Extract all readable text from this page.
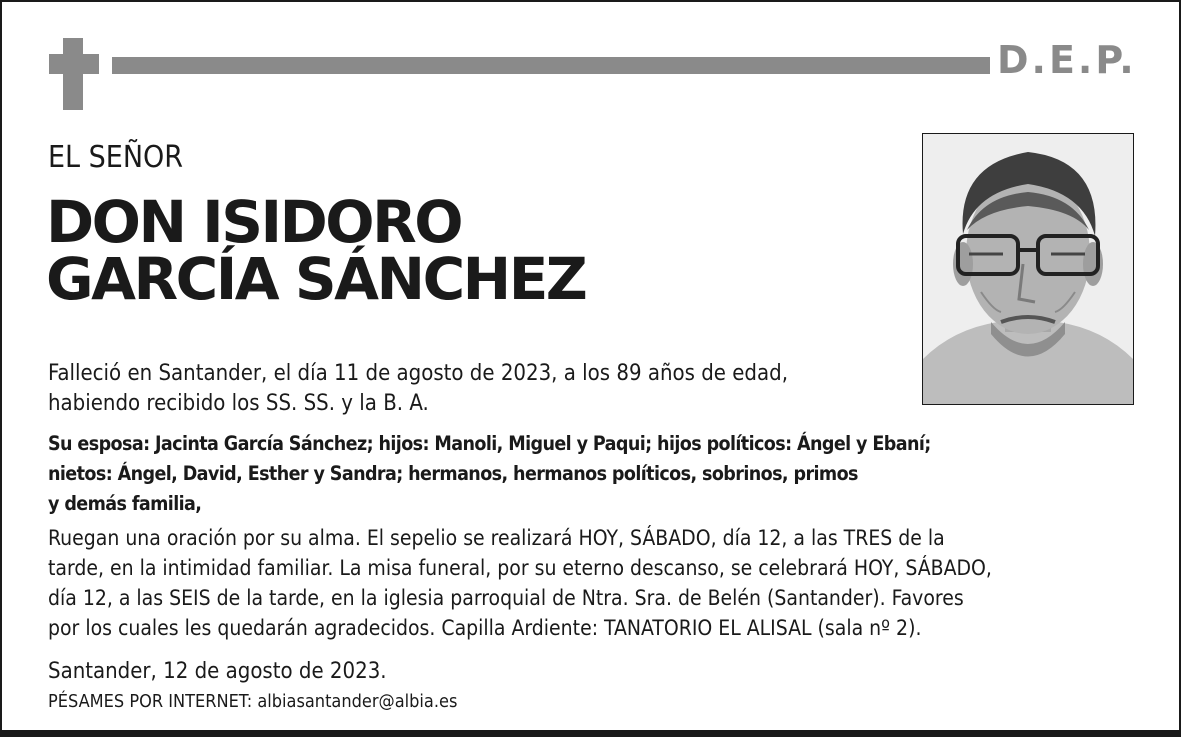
D.E.P.
EL SEÑOR
DON ISIDORO
GARCÍA SÁNCHEZ
Falleció en Santander, el día 11 de agosto de 2023, a los 89 años de edad,
habiendo recibido los SS. SS. y la B. A.
Su esposa: Jacinta García Sánchez; hijos: Manoli, Miguel y Paqui; hijos políticos: Ángel y Ebaní;
nietos: Ángel, David, Esther y Sandra; hermanos, hermanos políticos, sobrinos, primos
y demás familia,
Ruegan una oración por su alma. El sepelio se realizará HOY, SÁBADO, día 12, a las TRES de la
tarde, en la intimidad familiar. La misa funeral, por su eterno descanso, se celebrará HOY, SÁBADO,
día 12, a las SEIS de la tarde, en la iglesia parroquial de Ntra. Sra. de Belén (Santander). Favores
por los cuales les quedarán agradecidos. Capilla Ardiente: TANATORIO EL ALISAL (sala nº 2).
Santander, 12 de agosto de 2023.
PÉSAMES POR INTERNET: albiasantander@albia.es
